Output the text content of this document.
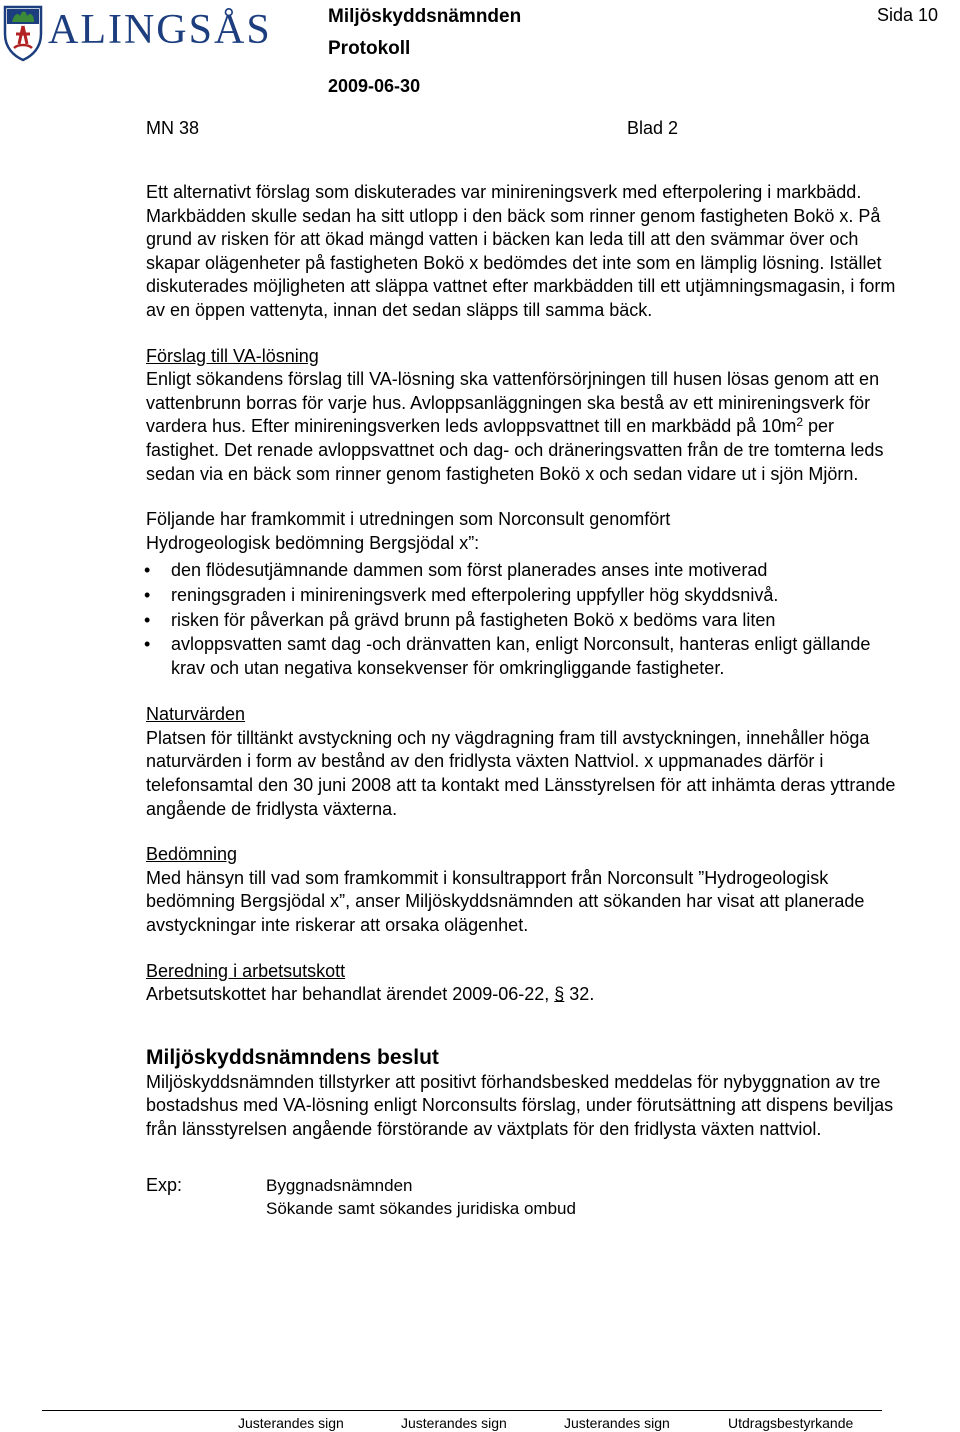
ALINGSÅS	Miljöskyddsnämnden
Protokoll
2009-06-30
Sida 10
MN 38	Blad 2

Ett alternativt förslag som diskuterades var minireningsverk med efterpolering i markbädd. Markbädden skulle sedan ha sitt utlopp i den bäck som rinner genom fastigheten Bokö x. På grund av risken för att ökad mängd vatten i bäcken kan leda till att den svämmar över och skapar olägenheter på fastigheten Bokö x bedömdes det inte som en lämplig lösning. Istället diskuterades möjligheten att släppa vattnet efter markbädden till ett utjämningsmagasin, i form av en öppen vattenyta, innan det sedan släpps till samma bäck.

Förslag till VA-lösning

Enligt sökandens förslag till VA-lösning ska vattenförsörjningen till husen lösas genom att en vattenbrunn borras för varje hus. Avloppsanläggningen ska bestå av ett minireningsverk för vardera hus. Efter minireningsverken leds avloppsvattnet till en markbädd på $10m^2$ per fastighet. Det renade avloppsvattnet och dag- och dräneringsvatten från de tre tomterna leds sedan via en bäck som rinner genom fastigheten Bokö x och sedan vidare ut i sjön Mjörn.

Följande har framkommit i utredningen som Norconsult genomfört

Hydrogeologisk bedömning Bergsjödal x”:

• den flödesutjämnande dammen som först planerades anses inte motiverad
• reningsgraden i minireningsverk med efterpolering uppfyller hög skyddsnivå.
• risken för påverkan på grävd brunn på fastigheten Bokö x bedöms vara liten
• avloppsvatten samt dag -och dränvatten kan, enligt Norconsult, hanteras enligt gällande krav och utan negativa konsekvenser för omkringliggande fastigheter.

Naturvärden

Platsen för tilltänkt avstyckning och ny vägdragning fram till avstyckningen, innehåller höga naturvärden i form av bestånd av den fridlysta växten Nattviol. x uppmanades därför i telefonsamtal den 30 juni 2008 att ta kontakt med Länsstyrelsen för att inhämta deras yttrande angående de fridlysta växterna.

Bedömning

Med hänsyn till vad som framkommit i konsultrapport från Norconsult ”Hydrogeologisk bedömning Bergsjödal x”, anser Miljöskyddsnämnden att sökanden har visat att planerade avstyckningar inte riskerar att orsaka olägenhet.

Beredning i arbetsutskott

Arbetsutskottet har behandlat ärendet 2009-06-22, § 32.

Miljöskyddsnämndens beslut

Miljöskyddsnämnden tillstyrker att positivt förhandsbesked meddelas för nybyggnation av tre bostadshus med VA-lösning enligt Norconsults förslag, under förutsättning att dispens beviljas från länsstyrelsen angående förstörande av växtplats för den fridlysta växten nattviol.

Exp:	Byggnadsnämnden
Sökande samt sökandes juridiska ombud
Justerandes sign	Justerandes sign	Justerandes sign	Utdragsbestyrkande
